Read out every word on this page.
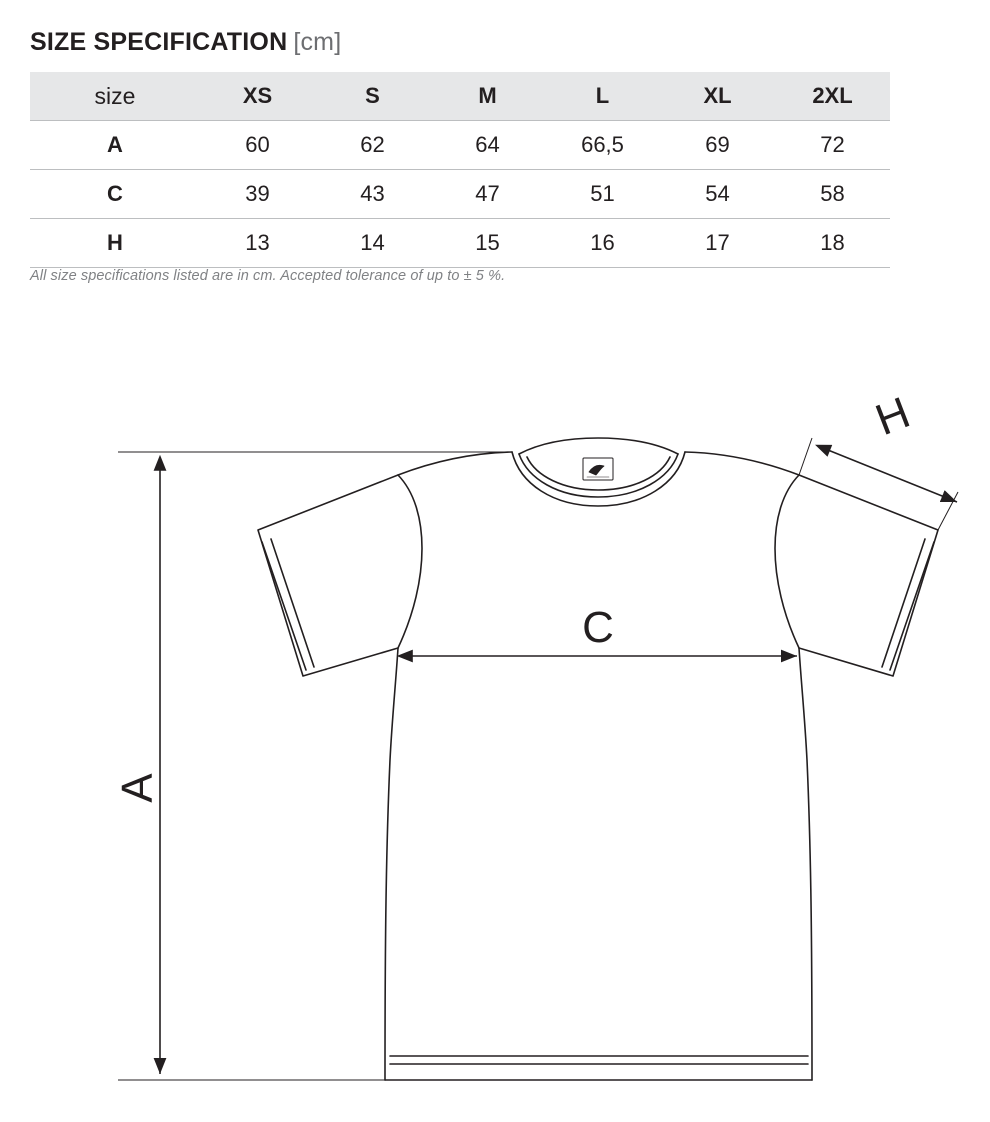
SIZE SPECIFICATION [cm]
size	XS	S	M	L	XL	2XL
A	60	62	64	66,5	69	72
C	39	43	47	51	54	58
H	13	14	15	16	17	18
All size specifications listed are in cm. Accepted tolerance of up to ± 5 %.
A
C
H
